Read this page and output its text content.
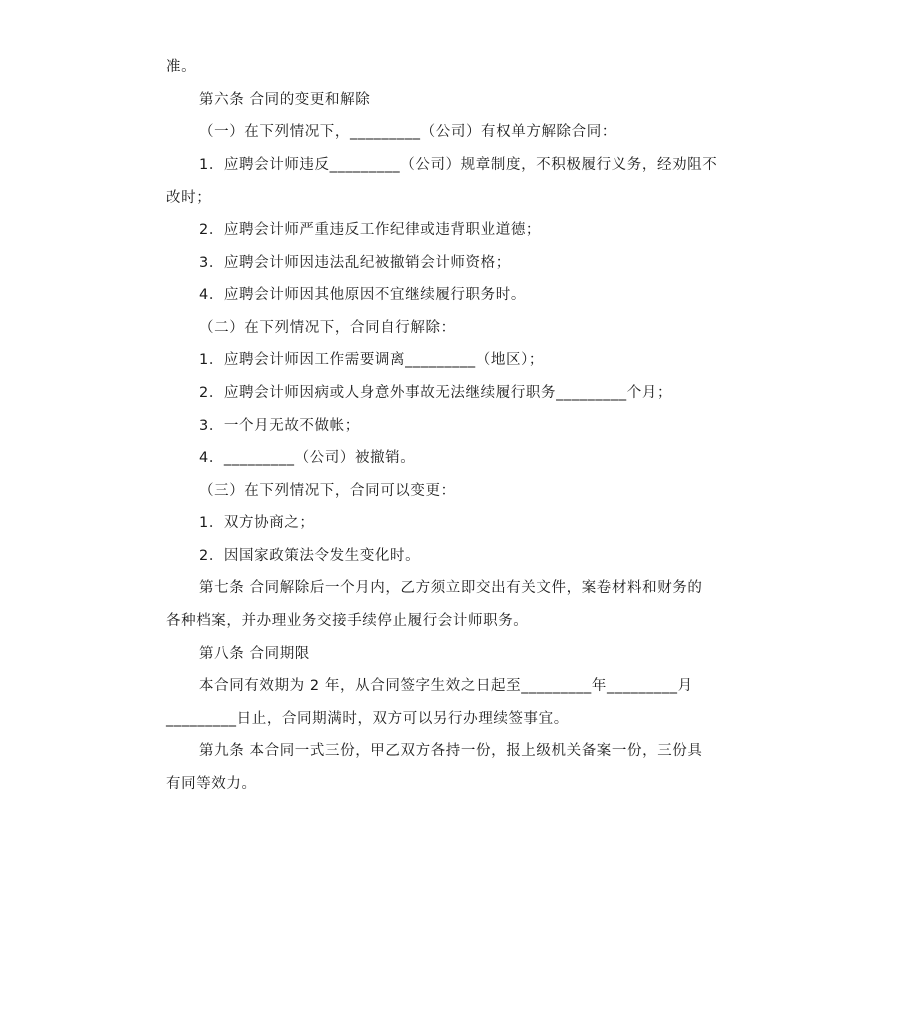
准。
第六条 合同的变更和解除
（一）在下列情况下，_________（公司）有权单方解除合同：
1．应聘会计师违反_________（公司）规章制度，不积极履行义务，经劝阻不
改时；
2．应聘会计师严重违反工作纪律或违背职业道德；
3．应聘会计师因违法乱纪被撤销会计师资格；
4．应聘会计师因其他原因不宜继续履行职务时。
（二）在下列情况下，合同自行解除：
1．应聘会计师因工作需要调离_________（地区）；
2．应聘会计师因病或人身意外事故无法继续履行职务_________个月；
3．一个月无故不做帐；
4．_________（公司）被撤销。
（三）在下列情况下，合同可以变更：
1．双方协商之；
2．因国家政策法令发生变化时。
第七条 合同解除后一个月内，乙方须立即交出有关文件，案卷材料和财务的
各种档案，并办理业务交接手续停止履行会计师职务。
第八条 合同期限
本合同有效期为 2 年，从合同签字生效之日起至_________年_________月
_________日止，合同期满时，双方可以另行办理续签事宜。
第九条 本合同一式三份，甲乙双方各持一份，报上级机关备案一份，三份具
有同等效力。
